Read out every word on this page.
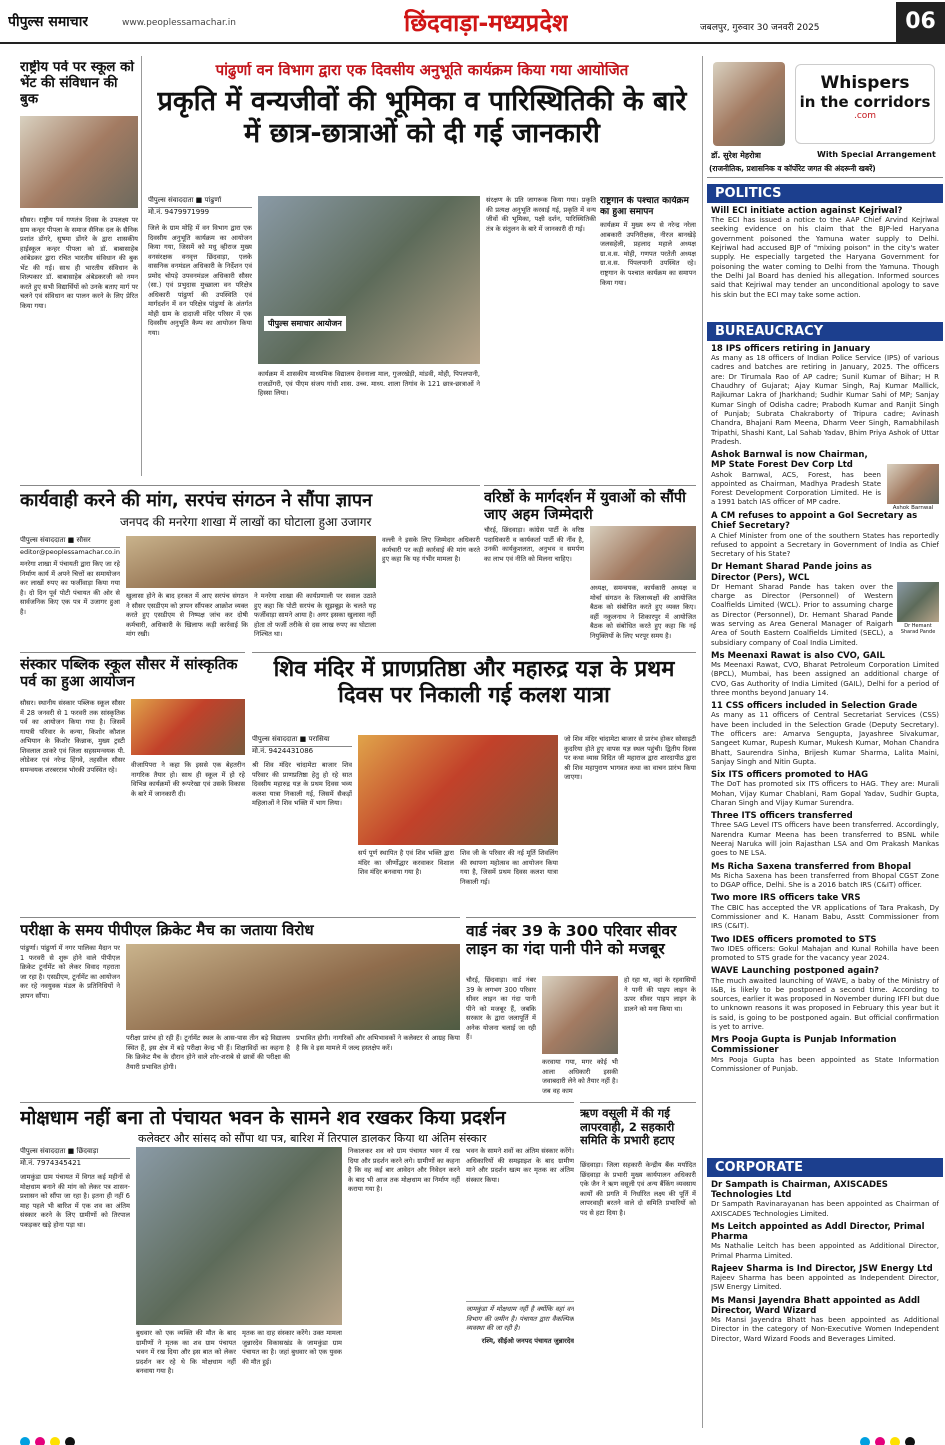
पीपुल्स समाचार	www.peoplessamachar.in	छिंदवाड़ा-मध्यप्रदेश	जबलपुर, गुरुवार 30 जनवरी 2025	06
राष्ट्रीय पर्व पर स्कूल को भेंट की संविधान की बुक
सौसर। राष्ट्रीय पर्व गणतंत्र दिवस के उपलक्ष्य पर ग्राम कन्हर पीपला के समाज सैनिक दल के सैनिक प्रशांत डोंगरे, सुषमा डोंगरे के द्वारा शासकीय हाईस्कूल कन्हर पीपला को डॉ. बाबासाहेब आंबेडकर द्वारा रचित भारतीय संविधान की बुक भेंट की गई। साथ ही भारतीय संविधान के शिल्पकार डॉ. बाबासाहेब अंबेडकरजी को नमन करते हुए सभी विद्यार्थियों को उनके बताए मार्ग पर चलने एवं संविधान का पालन करने के लिए प्रेरित किया गया।
पांढुर्णा वन विभाग द्वारा एक दिवसीय अनुभूति कार्यक्रम किया गया आयोजित
प्रकृति में वन्यजीवों की भूमिका व पारिस्थितिकी के बारे में छात्र-छात्राओं को दी गई जानकारी
पीपुल्स संवाददाता ■ पांढुर्णा
मो.नं. 9479971999
जिले के ग्राम मोहि में वन विभाग द्वारा एक दिवसीय अनुभूति कार्यक्रम का आयोजन किया गया, जिसमें को मधु व्हीराज मुख्य वनसंरक्षक वनवृत्त छिंदवाड़ा, एलके वासनिक वनमंडल अधिकारी के निर्देशन एवं प्रमोद चोपड़े उपवनमंडल अधिकारी सौसर (सा.) एवं प्रभुदास मुच्छाला वन परिक्षेत्र अधिकारी पांढुर्णा की उपस्थिति एवं मार्गदर्शन में वन परिक्षेत्र पांढुर्णा के अंतर्गत मोही ग्राम के दादाजी मंदिर परिसर में एक दिवसीय अनुभूति कैम्प का आयोजन किया गया।
पीपुल्स समाचार आयोजन
कार्यक्रम में शासकीय माध्यमिक विद्यालय देवनाला माल, गुजरखेड़ी, मांडवी, मोही, पिपलपानी, राजडोंगरी, एवं पीएम संजय गांधी शास. उच्च. माध्य. शाला तिगांव के 121 छात्र-छात्राओं ने हिस्सा लिया।
संरक्षण के प्रति जागरूक किया गया। प्रकृति की प्रत्यक्ष अनुभूति करवाई गई, प्रकृति में वन्य जीवों की भूमिका, पक्षी दर्शन, पारिस्थितिकी तंत्र के संतुलन के बारे में जानकारी दी गई।
राष्ट्रगान के पश्चात कार्यक्रम का हुआ समापन
कार्यक्रम में मुख्य रूप से नरेन्द्र नरेला आबकारी उपनिरीक्षक, नीरज बानखेड़े जलसहेली, प्रहलाद महाले अध्यक्ष ग्रा.व.स. मोही, गणपत परतेती अध्यक्ष ग्रा.व.स. पिंपलपानी उपस्थित रहे। राष्ट्रगान के पश्चात कार्यक्रम का समापन किया गया।
कार्यवाही करने की मांग, सरपंच संगठन ने सौंपा ज्ञापन
जनपद की मनरेगा शाखा में लाखों का घोटाला हुआ उजागर
पीपुल्स संवाददाता ■ सौसर
editor@peoplessamachar.co.in
मनरेगा शाखा में पंचायती द्वारा किए जा रहे निर्माण कार्य में अपने चित्तों का समायोजन कर लाखों रुपए का फर्जीवाड़ा किया गया है। दो दिन पूर्व पोटी पंचायत की ओर से सार्वजनिक किए एक पत्र में उजागर हुआ है।
खुलासा होने के बाद हरकत में आए सरपंच संगठन ने सौसर एसडीएम को ज्ञापन सौंपकर आक्रोश व्यक्त करते हुए एसडीएम से निष्पक्ष जांच कर दोषी कर्मचारी, अधिकारी के खिलाफ कड़ी कार्रवाई कि मांग रखी।
ने मनरेगा शाखा की कार्यप्रणाली पर सवाल उठाते हुए कहा कि पोटी सरपंच के सूझबूझ के चलते यह फर्जीवाड़ा सामने आया है। अगर इसका खुलासा नहीं होता तो फर्जी तरीके से दस लाख रुपए का घोटाला निश्चित था।
वल्ली ने इसके लिए जिम्मेदार अधिकारी कर्मचारी पर कड़ी कार्रवाई की मांग करते हुए कहा कि यह गंभीर मामला है।
वरिष्ठों के मार्गदर्शन में युवाओं को सौंपी जाए अहम जिम्मेदारी
चौरई, छिंदवाड़ा। कांग्रेस पार्टी के वरिष्ठ पदाधिकारी व कार्यकर्ता पार्टी की नींव है, उनकी कार्यकुशलता, अनुभव व समर्पण का लाभ एवं नीति को मिलना चाहिए।
अध्यक्ष, समन्वयक, कार्यकारी अध्यक्ष व मोर्चा संगठन के जिलाध्यक्षों की आयोजित बैठक को संबोधित करते हुए व्यक्त किए। वहीं नकुलनाथ ने शिकारपुर में आयोजित बैठक को संबोधित करते हुए कहा कि नई नियुक्तियों के लिए भरपूर समय है।
संस्कार पब्लिक स्कूल सौसर में सांस्कृतिक पर्व का हुआ आयोजन
सौसर। स्थानीय संस्कार पब्लिक स्कूल सौसर में 28 जनवरी से 1 फरवरी तक सांस्कृतिक पर्व का आयोजन किया गया है। जिसमें गायत्री परिवार के कन्या, किशोर कौशल अभियान के किशोर किन्नाक, मुख्य ट्रस्टी शिवलाल ठाकरे एवं जिला सहसमन्वयक पी. लोडेकर एवं नरेन्द्र हिंगवे, तहसील सौसर समन्वयक शरबरराव भोरकी उपस्थित रहे।
वीजापिपरा ने कहा कि इससे एक बेहतरीन नागरिक तैयार हो। साथ ही स्कूल में हो रहे विभिन्न कार्यक्रमों की रूपरेखा एवं उसके विकास के बारे में जानकारी दी।
शिव मंदिर में प्राणप्रतिष्ठा और महारुद्र यज्ञ के प्रथम दिवस पर निकाली गई कलश यात्रा
पीपुल्स संवाददाता ■ परासिया
मो.नं. 9424431086
श्री शिव मंदिर चांदामेटा बाजार शिव परिवार की प्राणप्रतिष्ठा हेतु हो रहे सात दिवसीय महारुद्र यज्ञ के प्रथम दिवस भव्य कलश यात्रा निकाली गई, जिसमें सैकड़ों महिलाओं ने शिव भक्ति में भाग लिया।
सर्प पूर्ण स्थापित है एवं शिव भक्ति द्वारा मंदिर का जीर्णोद्धार करवाकर विशाल शिव मंदिर बनवाया गया है।
शिव जी के परिवार की नई मूर्ति शिवलिंग की स्थापना महोत्सव का आयोजन किया गया है, जिसमें प्रथम दिवस कलश यात्रा निकाली गई।
जो शिव मंदिर चांदामेटा बाजार से प्रारंभ होकर सोसाइटी कुदरिया होते हुए वापस यज्ञ स्थल पहुंची। द्वितीय दिवस पर कथा व्यास विदित जी महाराज द्वारा शारदापीठ द्वारा श्री शिव महापुराण भागवत कथा का वाचन प्रारंभ किया जाएगा।
परीक्षा के समय पीपीएल क्रिकेट मैच का जताया विरोध
पांढुर्णा। पांढुर्णा में नगर पालिका मैदान पर 1 फरवरी से शुरू होने वाले पीपीएल क्रिकेट टूर्नामेंट को लेकर विवाद गहराता जा रहा है। एसडीएम, टूर्नामेंट का आयोजन कर रहे नवयुवक मंडल के प्रतिनिधियों ने ज्ञापन सौंपा।
परीक्षा प्रारंभ हो रही हैं। टूर्नामेंट स्थल के आस-पास तीन बड़े विद्यालय स्थित हैं, इस क्षेत्र में बड़े परीक्षा केन्द्र भी हैं। शिक्षाविदों का कहना है कि क्रिकेट मैच के दौरान होने वाले शोर-शराबे से छात्रों की परीक्षा की तैयारी प्रभावित होगी।
प्रभावित होगी। नागरिकों और अभिभावकों ने कलेक्टर से आग्रह किया है कि वे इस मामले में जल्द हस्तक्षेप करें।
वार्ड नंबर 39 के 300 परिवार सीवर लाइन का गंदा पानी पीने को मजबूर
चौरई, छिंदवाड़ा। वार्ड नंबर 39 के लगभग 300 परिवार सीवर लाइन का गंदा पानी पीने को मजबूर हैं, जबकि सरकार के द्वारा जलापूर्ति में अनेक योजना चलाई जा रही हैं।
करवाया गया, मगर कोई भी आला अधिकारी इसकी जवाबदारी लेने को तैयार नहीं है। जब वह काम
हो रहा था, वहां के रहवासियों ने पानी की पाइप लाइन के ऊपर सीवर पाइप लाइन के डालने को मना किया था।
मोक्षधाम नहीं बना तो पंचायत भवन के सामने शव रखकर किया प्रदर्शन
कलेक्टर और सांसद को सौंपा था पत्र, बारिश में तिरपाल डालकर किया था अंतिम संस्कार
पीपुल्स संवाददाता ■ छिंदवाड़ा
मो.नं. 7974345421
जामकुंडा ग्राम पंचायत में विगत कई महीनों से मोक्षधाम बनाने की मांग को लेकर पत्र शासन-प्रशासन को सौंपा जा रहा है। इतना ही नहीं 6 माह पहले भी बारिश में एक शव का अंतिम संस्कार करने के लिए ग्रामीणों को तिरपाल पकड़कर खड़े होना पड़ा था।
बुधवार को एक व्यक्ति की मौत के बाद ग्रामीणों ने मृतक का शव ग्राम पंचायत भवन में रख दिया और इस बात को लेकर प्रदर्शन कर रहे थे कि मोक्षधाम नहीं बनवाया गया है।
मृतक का दाह संस्कार करेंगे। उक्त मामला जुन्नारदेव विकासखंड के जामकुंडा ग्राम पंचायत का है। जहां बुधवार को एक युवक की मौत हुई।
निकालकर शव को ग्राम पंचायत भवन में रख दिया और प्रदर्शन करने लगे। ग्रामीणों का कहना है कि वह कई बार आवेदन और निवेदन करने के बाद भी आज तक मोक्षधाम का निर्माण नहीं कराया गया है।
भवन के सामने शवों का अंतिम संस्कार करेंगे। अधिकारियों की समझाइश के बाद ग्रामीण माने और प्रदर्शन खत्म कर मृतक का अंतिम संस्कार किया।
जामकुंडा में मोक्षधाम नहीं है क्योंकि वहां वन विभाग की जमीन है। पंचायत द्वारा वैकल्पिक व्यवस्था की जा रही है।
रश्मि, सीईओ जनपद पंचायत जुन्नारदेव
ऋण वसूली में की गई लापरवाही, 2 सहकारी समिति के प्रभारी हटाए
छिंदवाड़ा। जिला सहकारी केन्द्रीय बैंक मर्यादित छिंदवाड़ा के प्रभारी मुख्य कार्यपालन अधिकारी एके जैन ने ऋण वसूली एवं अन्य बैंकिंग व्यवसाय कार्यों की प्रगति में निर्धारित लक्ष्य की पूर्ति में लापरवाही बरतने वाले दो समिति प्रभारियों को पद से हटा दिया है।
Whispers
in the corridors
.com
डॉ. सुरेश मेहरोत्रा	With Special Arrangement
(राजनीतिक, प्रशासनिक व कॉर्पोरेट जगत की अंदरूनी खबरें)
POLITICS
Will ECI initiate action against Kejriwal?
The ECI has issued a notice to the AAP Chief Arvind Kejriwal seeking evidence on his claim that the BJP-led Haryana government poisoned the Yamuna water supply to Delhi. Kejriwal had accused BJP of "mixing poison" in the city's water supply. He especially targeted the Haryana Government for poisoning the water coming to Delhi from the Yamuna. Though the Delhi Jal Board has denied his allegation. Informed sources said that Kejriwal may tender an unconditional apology to save his skin but the ECI may take some action.
BUREAUCRACY
18 IPS officers retiring in January
As many as 18 officers of Indian Police Service (IPS) of various cadres and batches are retiring in January, 2025. The officers are: Dr Tirumala Rao of AP cadre; Sunil Kumar of Bihar; H R Chaudhry of Gujarat; Ajay Kumar Singh, Raj Kumar Mallick, Rajkumar Lakra of Jharkhand; Sudhir Kumar Sahi of MP; Sanjay Kumar Singh of Odisha cadre; Prabodh Kumar and Ranjit Singh of Punjab; Subrata Chakraborty of Tripura cadre; Avinash Chandra, Bhajani Ram Meena, Dharm Veer Singh, Ramabhilash Tripathi, Shashi Kant, Lal Sahab Yadav, Bhim Priya Ashok of Uttar Pradesh.
Ashok Barnwal is now Chairman, MP State Forest Dev Corp Ltd
Ashok Barnwal, ACS, Forest, has been appointed as Chairman, Madhya Pradesh State Forest Development Corporation Limited. He is a 1991 batch IAS officer of MP cadre.
Ashok Barnwal
A CM refuses to appoint a GoI Secretary as Chief Secretary?
A Chief Minister from one of the southern States has reportedly refused to appoint a Secretary in Government of India as Chief Secretary of his State?
Dr Hemant Sharad Pande joins as Director (Pers), WCL
Dr Hemant Sharad Pande has taken over the charge as Director (Personnel) of Western Coalfields Limited (WCL). Prior to assuming charge as Director (Personnel), Dr. Hemant Sharad Pande was serving as Area General Manager of Raigarh Area of South Eastern Coalfields Limited (SECL), a subsidiary company of Coal India Limited.
Dr Hemant Sharad Pande
Ms Meenaxi Rawat is also CVO, GAIL
Ms Meenaxi Rawat, CVO, Bharat Petroleum Corporation Limited (BPCL), Mumbai, has been assigned an additional charge of CVO, Gas Authority of India Limited (GAIL), Delhi for a period of three months beyond January 14.
11 CSS officers included in Selection Grade
As many as 11 officers of Central Secretariat Services (CSS) have been included in the Selection Grade (Deputy Secretary). The officers are: Amarva Sengupta, Jayashree Sivakumar, Sangeet Kumar, Rupesh Kumar, Mukesh Kumar, Mohan Chandra Bhatt, Saurendra Sinha, Brijesh Kumar Sharma, Lalita Maini, Sanjay Singh and Nitin Gupta.
Six ITS officers promoted to HAG
The DoT has promoted six ITS officers to HAG. They are: Murali Mohan, Vijay Kumar Chablani, Ram Gopal Yadav, Sudhir Gupta, Charan Singh and Vijay Kumar Surendra.
Three ITS officers transferred
Three SAG Level ITS officers have been transferred. Accordingly, Narendra Kumar Meena has been transferred to BSNL while Neeraj Naruka will join Rajasthan LSA and Om Prakash Mankas goes to NE LSA.
Ms Richa Saxena transferred from Bhopal
Ms Richa Saxena has been transferred from Bhopal CGST Zone to DGAP office, Delhi. She is a 2016 batch IRS (C&IT) officer.
Two more IRS officers take VRS
The CBIC has accepted the VR applications of Tara Prakash, Dy Commissioner and K. Hanam Babu, Asstt Commissioner from IRS (C&IT).
Two IDES officers promoted to STS
Two IDES officers: Gokul Mahajan and Kunal Rohilla have been promoted to STS grade for the vacancy year 2024.
WAVE Launching postponed again?
The much awaited launching of WAVE, a baby of the Ministry of I&B, is likely to be postponed a second time. According to sources, earlier it was proposed in November during IFFI but due to unknown reasons it was proposed in February this year but it is said, is going to be postponed again. But official confirmation is yet to arrive.
Mrs Pooja Gupta is Punjab Information Commissioner
Mrs Pooja Gupta has been appointed as State Information Commissioner of Punjab.
CORPORATE
Dr Sampath is Chairman, AXISCADES Technologies Ltd
Dr Sampath Ravinarayanan has been appointed as Chairman of AXISCADES Technologies Limited.
Ms Leitch appointed as Addl Director, Primal Pharma
Ms Nathalie Leitch has been appointed as Additional Director, Primal Pharma Limited.
Rajeev Sharma is Ind Director, JSW Energy Ltd
Rajeev Sharma has been appointed as Independent Director, JSW Energy Limited.
Ms Mansi Jayendra Bhatt appointed as Addl Director, Ward Wizard
Ms Mansi Jayendra Bhatt has been appointed as Additional Director in the category of Non-Executive Women Independent Director, Ward Wizard Foods and Beverages Limited.
